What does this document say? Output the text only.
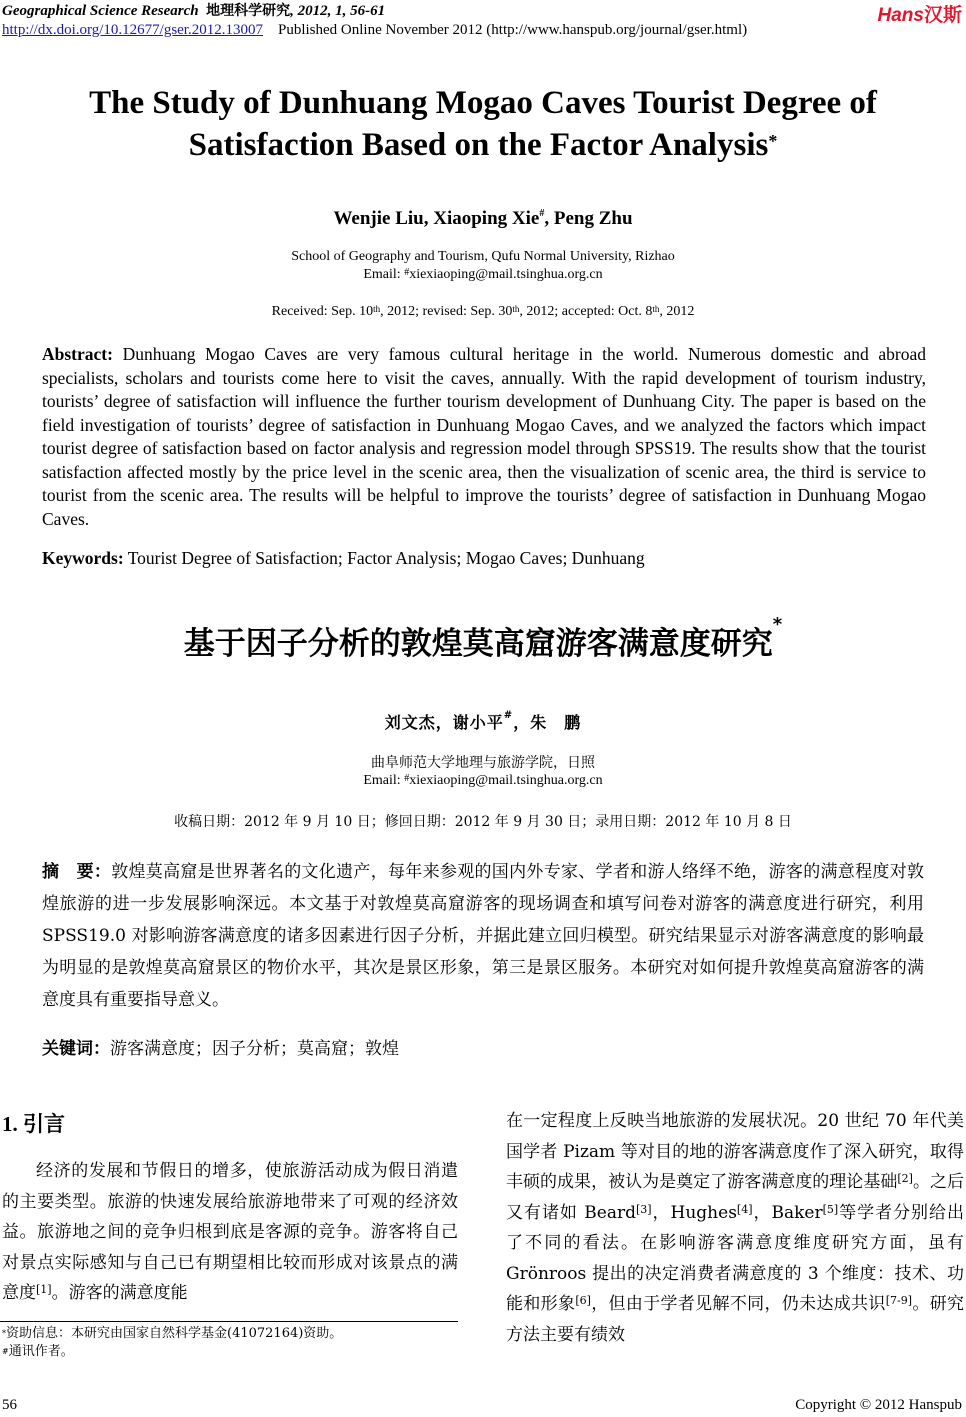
Geographical Science Research 地理科学研究, 2012, 1, 56-61
http://dx.doi.org/10.12677/gser.2012.13007 Published Online November 2012 (http://www.hanspub.org/journal/gser.html)
Hans汉斯
The Study of Dunhuang Mogao Caves Tourist Degree of
Satisfaction Based on the Factor Analysis*
Wenjie Liu, Xiaoping Xie#, Peng Zhu
School of Geography and Tourism, Qufu Normal University, Rizhao
Email: #xiexiaoping@mail.tsinghua.org.cn
Received: Sep. 10th, 2012; revised: Sep. 30th, 2012; accepted: Oct. 8th, 2012
Abstract: Dunhuang Mogao Caves are very famous cultural heritage in the world. Numerous domestic and abroad specialists, scholars and tourists come here to visit the caves, annually. With the rapid development of tourism industry, tourists’ degree of satisfaction will influence the further tourism development of Dunhuang City. The paper is based on the field investigation of tourists’ degree of satisfaction in Dunhuang Mogao Caves, and we analyzed the factors which impact tourist degree of satisfaction based on factor analysis and regression model through SPSS19. The results show that the tourist satisfaction affected mostly by the price level in the scenic area, then the visualization of scenic area, the third is service to tourist from the scenic area. The results will be helpful to improve the tourists’ degree of satisfaction in Dunhuang Mogao Caves.
Keywords: Tourist Degree of Satisfaction; Factor Analysis; Mogao Caves; Dunhuang
基于因子分析的敦煌莫高窟游客满意度研究*
刘文杰，谢小平#，朱　鹏
曲阜师范大学地理与旅游学院，日照
Email: #xiexiaoping@mail.tsinghua.org.cn
收稿日期：2012 年 9 月 10 日；修回日期：2012 年 9 月 30 日；录用日期：2012 年 10 月 8 日
摘　要：敦煌莫高窟是世界著名的文化遗产，每年来参观的国内外专家、学者和游人络绎不绝，游客的满意程度对敦煌旅游的进一步发展影响深远。本文基于对敦煌莫高窟游客的现场调查和填写问卷对游客的满意度进行研究，利用 SPSS19.0 对影响游客满意度的诸多因素进行因子分析，并据此建立回归模型。研究结果显示对游客满意度的影响最为明显的是敦煌莫高窟景区的物价水平，其次是景区形象，第三是景区服务。本研究对如何提升敦煌莫高窟游客的满意度具有重要指导意义。
关键词：游客满意度；因子分析；莫高窟；敦煌
1. 引言
经济的发展和节假日的增多，使旅游活动成为假日消遣的主要类型。旅游的快速发展给旅游地带来了可观的经济效益。旅游地之间的竞争归根到底是客源的竞争。游客将自己对景点实际感知与自己已有期望相比较而形成对该景点的满意度[1]。游客的满意度能
在一定程度上反映当地旅游的发展状况。20 世纪 70 年代美国学者 Pizam 等对目的地的游客满意度作了深入研究，取得丰硕的成果，被认为是奠定了游客满意度的理论基础[2]。之后又有诸如 Beard[3]，Hughes[4]，Baker[5]等学者分别给出了不同的看法。在影响游客满意度维度研究方面，虽有 Grönroos 提出的决定消费者满意度的 3 个维度：技术、功能和形象[6]，但由于学者见解不同，仍未达成共识[7-9]。研究方法主要有绩效
*资助信息：本研究由国家自然科学基金(41072164)资助。
#通讯作者。
56	Copyright © 2012 Hanspub
